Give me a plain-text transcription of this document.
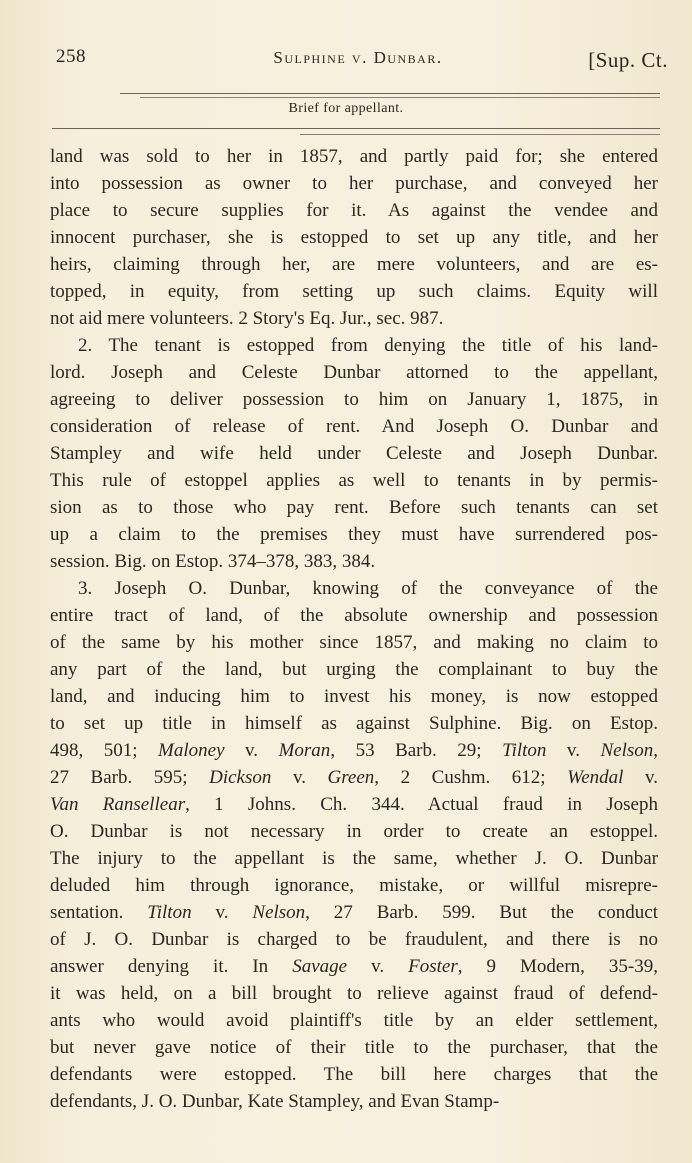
258	Sulphine v. Dunbar.	[Sup. Ct.
Brief for appellant.
land was sold to her in 1857, and partly paid for; she entered
into possession as owner to her purchase, and conveyed her
place to secure supplies for it. As against the vendee and
innocent purchaser, she is estopped to set up any title, and her
heirs, claiming through her, are mere volunteers, and are es-
topped, in equity, from setting up such claims. Equity will
not aid mere volunteers. 2 Story's Eq. Jur., sec. 987.
2. The tenant is estopped from denying the title of his land-
lord. Joseph and Celeste Dunbar attorned to the appellant,
agreeing to deliver possession to him on January 1, 1875, in
consideration of release of rent. And Joseph O. Dunbar and
Stampley and wife held under Celeste and Joseph Dunbar.
This rule of estoppel applies as well to tenants in by permis-
sion as to those who pay rent. Before such tenants can set
up a claim to the premises they must have surrendered pos-
session. Big. on Estop. 374–378, 383, 384.
3. Joseph O. Dunbar, knowing of the conveyance of the
entire tract of land, of the absolute ownership and possession
of the same by his mother since 1857, and making no claim to
any part of the land, but urging the complainant to buy the
land, and inducing him to invest his money, is now estopped
to set up title in himself as against Sulphine. Big. on Estop.
498, 501; Maloney v. Moran, 53 Barb. 29; Tilton v. Nelson,
27 Barb. 595; Dickson v. Green, 2 Cushm. 612; Wendal v.
Van Ransellear, 1 Johns. Ch. 344. Actual fraud in Joseph
O. Dunbar is not necessary in order to create an estoppel.
The injury to the appellant is the same, whether J. O. Dunbar
deluded him through ignorance, mistake, or willful misrepre-
sentation. Tilton v. Nelson, 27 Barb. 599. But the conduct
of J. O. Dunbar is charged to be fraudulent, and there is no
answer denying it. In Savage v. Foster, 9 Modern, 35-39,
it was held, on a bill brought to relieve against fraud of defend-
ants who would avoid plaintiff's title by an elder settlement,
but never gave notice of their title to the purchaser, that the
defendants were estopped. The bill here charges that the
defendants, J. O. Dunbar, Kate Stampley, and Evan Stamp-
